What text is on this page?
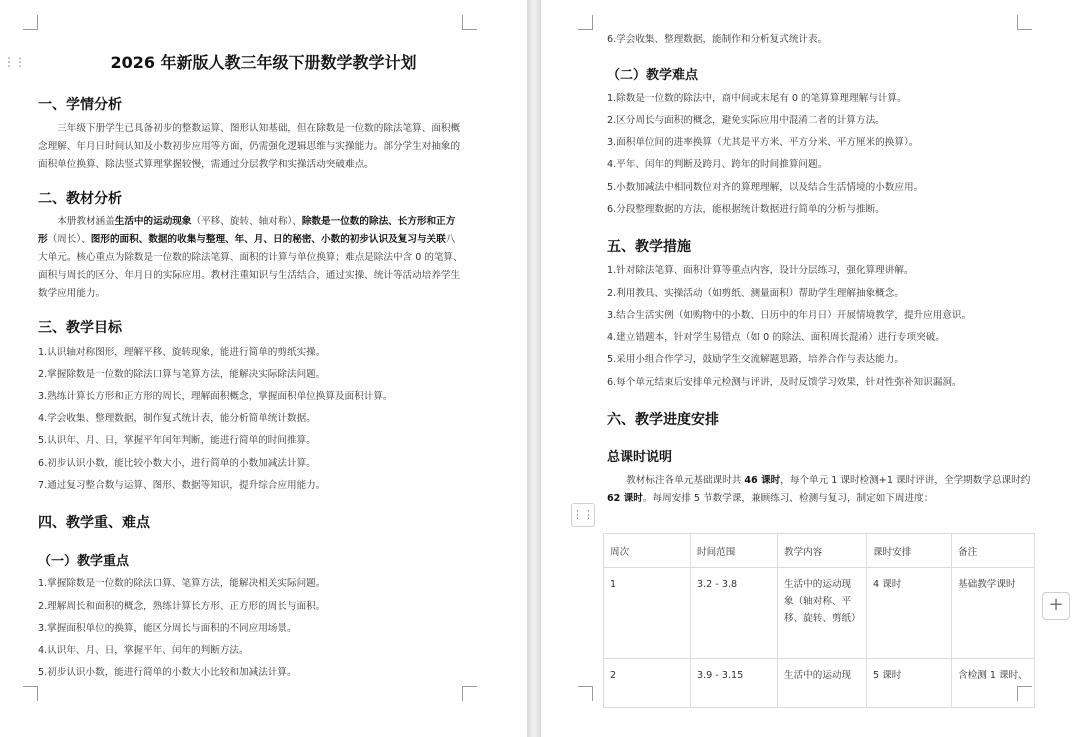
⋮⋮	2026 年新版人教三年级下册数学教学计划
一、学情分析
三年级下册学生已具备初步的整数运算、图形认知基础，但在除数是一位数的除法笔算、面积概念理解、年月日时间认知及小数初步应用等方面，仍需强化逻辑思维与实操能力。部分学生对抽象的面积单位换算、除法竖式算理掌握较慢，需通过分层教学和实操活动突破难点。
二、教材分析
本册教材涵盖生活中的运动现象（平移、旋转、轴对称）、除数是一位数的除法、长方形和正方形（周长）、图形的面积、数据的收集与整理、年、月、日的秘密、小数的初步认识及复习与关联八大单元。核心重点为除数是一位数的除法笔算、面积的计算与单位换算；难点是除法中含 0 的笔算、面积与周长的区分、年月日的实际应用。教材注重知识与生活结合，通过实操、统计等活动培养学生数学应用能力。
三、教学目标
1.认识轴对称图形，理解平移、旋转现象，能进行简单的剪纸实操。
2.掌握除数是一位数的除法口算与笔算方法，能解决实际除法问题。
3.熟练计算长方形和正方形的周长，理解面积概念，掌握面积单位换算及面积计算。
4.学会收集、整理数据，制作复式统计表，能分析简单统计数据。
5.认识年、月、日，掌握平年闰年判断，能进行简单的时间推算。
6.初步认识小数，能比较小数大小，进行简单的小数加减法计算。
7.通过复习整合数与运算、图形、数据等知识，提升综合应用能力。
四、教学重、难点
（一）教学重点
1.掌握除数是一位数的除法口算、笔算方法，能解决相关实际问题。
2.理解周长和面积的概念，熟练计算长方形、正方形的周长与面积。
3.掌握面积单位的换算，能区分周长与面积的不同应用场景。
4.认识年、月、日，掌握平年、闰年的判断方法。
5.初步认识小数，能进行简单的小数大小比较和加减法计算。
6.学会收集、整理数据，能制作和分析复式统计表。
（二）教学难点
1.除数是一位数的除法中，商中间或末尾有 0 的笔算算理理解与计算。
2.区分周长与面积的概念，避免实际应用中混淆二者的计算方法。
3.面积单位间的进率换算（尤其是平方米、平方分米、平方厘米的换算）。
4.平年、闰年的判断及跨月、跨年的时间推算问题。
5.小数加减法中相同数位对齐的算理理解，以及结合生活情境的小数应用。
6.分段整理数据的方法，能根据统计数据进行简单的分析与推断。
五、教学措施
1.针对除法笔算、面积计算等重点内容，设计分层练习，强化算理讲解。
2.利用教具、实操活动（如剪纸、测量面积）帮助学生理解抽象概念。
3.结合生活实例（如购物中的小数、日历中的年月日）开展情境教学，提升应用意识。
4.建立错题本，针对学生易错点（如 0 的除法、面积周长混淆）进行专项突破。
5.采用小组合作学习，鼓励学生交流解题思路，培养合作与表达能力。
6.每个单元结束后安排单元检测与评讲，及时反馈学习效果，针对性弥补知识漏洞。
六、教学进度安排
总课时说明
教材标注各单元基础课时共 46 课时，每个单元 1 课时检测+1 课时评讲，全学期数学总课时约 62 课时。每周安排 5 节数学课，兼顾练习、检测与复习，制定如下周进度：
⋮⋮
周次	时间范围	教学内容	课时安排	备注
1	3.2 - 3.8	生活中的运动现象（轴对称、平移、旋转、剪纸）	4 课时	基础教学课时
2	3.9 - 3.15	生活中的运动现	5 课时	含检测 1 课时、
+
